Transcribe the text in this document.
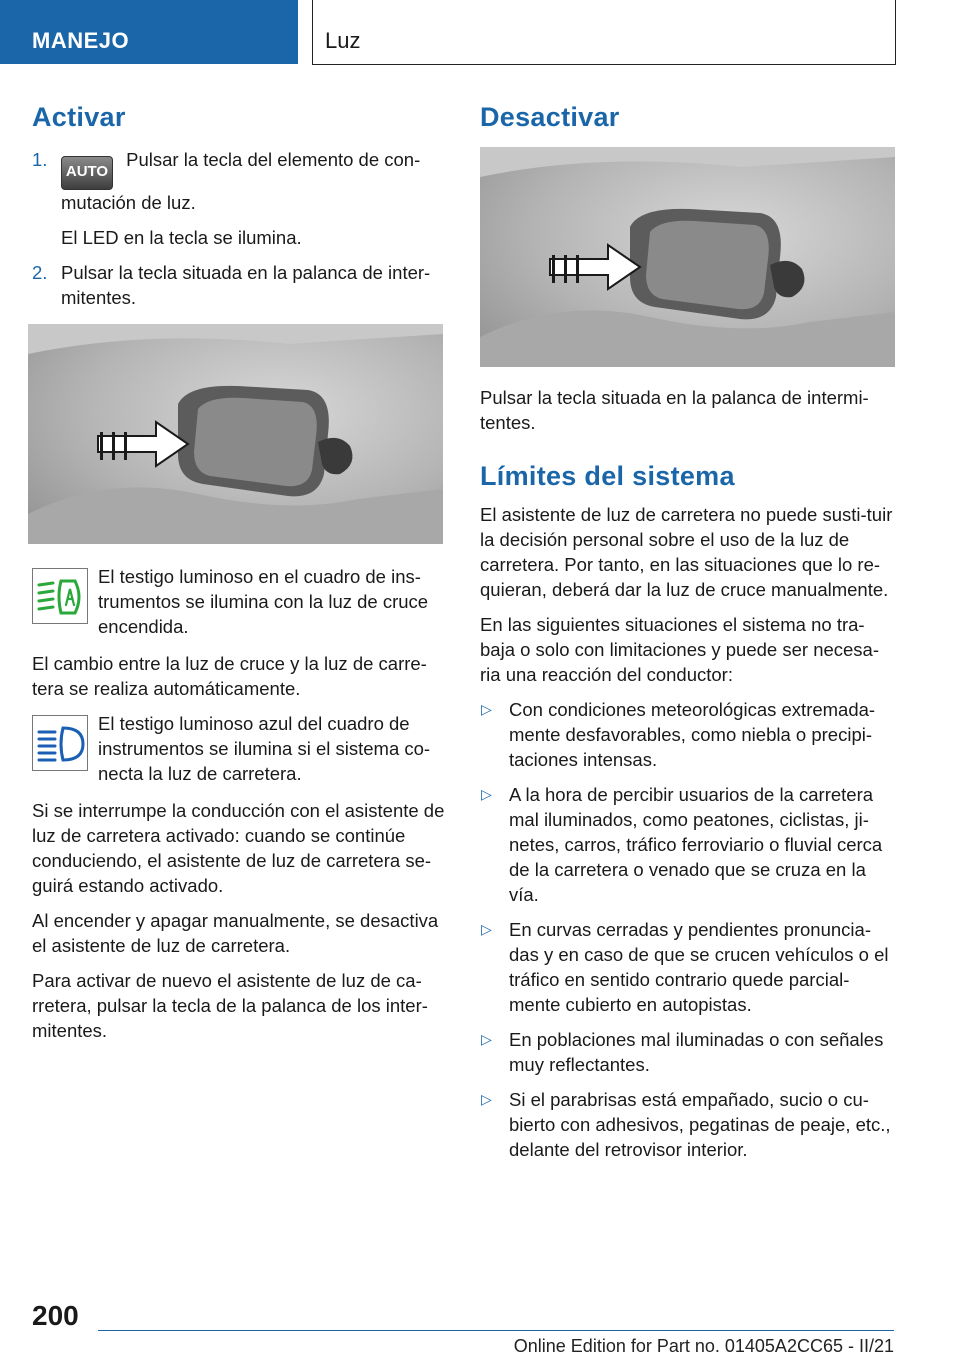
MANEJO	Luz
Activar
1.
AUTO Pulsar la tecla del elemento de con-mutación de luz.

El LED en la tecla se ilumina.

2. Pulsar la tecla situada en la palanca de inter-mitentes.

El testigo luminoso en el cuadro de ins-trumentos se ilumina con la luz de cruce encendida.

El cambio entre la luz de cruce y la luz de carre-tera se realiza automáticamente.

El testigo luminoso azul del cuadro de instrumentos se ilumina si el sistema co-necta la luz de carretera.

Si se interrumpe la conducción con el asistente de luz de carretera activado: cuando se continúe conduciendo, el asistente de luz de carretera se-guirá estando activado.

Al encender y apagar manualmente, se desactiva el asistente de luz de carretera.

Para activar de nuevo el asistente de luz de ca-rretera, pulsar la tecla de la palanca de los inter-mitentes.

Desactivar

Pulsar la tecla situada en la palanca de intermi-tentes.

Límites del sistema

El asistente de luz de carretera no puede susti-tuir la decisión personal sobre el uso de la luz de carretera. Por tanto, en las situaciones que lo re-quieran, deberá dar la luz de cruce manualmente.

En las siguientes situaciones el sistema no tra-baja o solo con limitaciones y puede ser necesa-ria una reacción del conductor:

▷ Con condiciones meteorológicas extremada-mente desfavorables, como niebla o precipi-taciones intensas.
▷ A la hora de percibir usuarios de la carretera mal iluminados, como peatones, ciclistas, ji-netes, carros, tráfico ferroviario o fluvial cerca de la carretera o venado que se cruza en la vía.
▷ En curvas cerradas y pendientes pronuncia-das y en caso de que se crucen vehículos o el tráfico en sentido contrario quede parcial-mente cubierto en autopistas.
▷ En poblaciones mal iluminadas o con señales muy reflectantes.
▷ Si el parabrisas está empañado, sucio o cu-bierto con adhesivos, pegatinas de peaje, etc., delante del retrovisor interior.
200
Online Edition for Part no. 01405A2CC65 - II/21
